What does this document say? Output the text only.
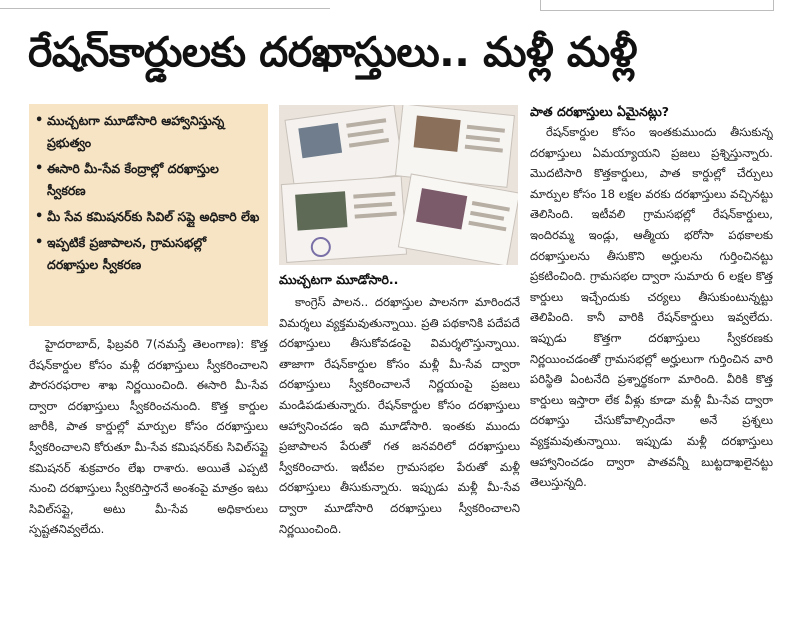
రేషన్‌కార్డులకు దరఖాస్తులు.. మళ్లీ మళ్లీ
• ముచ్చటగా మూడోసారి ఆహ్వానిస్తున్న ప్రభుత్వం
• ఈసారి మీ-సేవ కేంద్రాల్లో దరఖాస్తుల స్వీకరణ
• మీ సేవ కమిషనర్‌కు సివిల్ సప్లై అధికారి లేఖ
• ఇప్పటికే ప్రజాపాలన, గ్రామసభల్లో దరఖాస్తుల స్వీకరణ

హైదరాబాద్, ఫిబ్రవరి 7(నమస్తే తెలంగాణ): కొత్త రేషన్‌కార్డుల కోసం మళ్లీ దరఖాస్తులు స్వీకరించాలని పౌరసరఫరాల శాఖ నిర్ణయించింది. ఈసారి మీ-సేవ ద్వారా దరఖాస్తులు స్వీకరించనుంది. కొత్త కార్డుల జారీకి, పాత కార్డుల్లో మార్పుల కోసం దరఖాస్తులు స్వీకరించాలని కోరుతూ మీ-సేవ కమిషనర్‌కు సివిల్‌సప్లై కమిషనర్ శుక్రవారం లేఖ రాశారు. అయితే ఎప్పటి నుంచి దరఖాస్తులు స్వీకరిస్తారనే అంశంపై మాత్రం ఇటు సివిల్‌సప్లై, అటు మీ-సేవ అధికారులు స్పష్టతనివ్వలేదు.

ముచ్చటగా మూడోసారి..

కాంగ్రెస్ పాలన.. దరఖాస్తుల పాలనగా మారిందనే విమర్శలు వ్యక్తమవుతున్నాయి. ప్రతి పథకానికి పదేపదే దరఖాస్తులు తీసుకోవడంపై విమర్శలొస్తున్నాయి. తాజాగా రేషన్‌కార్డుల కోసం మళ్లీ మీ-సేవ ద్వారా దరఖాస్తులు స్వీకరించాలనే నిర్ణయంపై ప్రజలు మండిపడుతున్నారు. రేషన్‌కార్డుల కోసం దరఖాస్తులు ఆహ్వానించడం ఇది మూడోసారి. ఇంతకు ముందు ప్రజాపాలన పేరుతో గత జనవరిలో దరఖాస్తులు స్వీకరించారు. ఇటీవల గ్రామసభల పేరుతో మళ్లీ దరఖాస్తులు తీసుకున్నారు. ఇప్పుడు మళ్లీ మీ-సేవ ద్వారా మూడోసారి దరఖాస్తులు స్వీకరించాలని నిర్ణయించింది.

పాత దరఖాస్తులు ఏమైనట్లు?

రేషన్‌కార్డుల కోసం ఇంతకుముందు తీసుకున్న దరఖాస్తులు ఏమయ్యాయని ప్రజలు ప్రశ్నిస్తున్నారు. మొదటిసారి కొత్తకార్డులు, పాత కార్డుల్లో చేర్పులు మార్పుల కోసం 18 లక్షల వరకు దరఖాస్తులు వచ్చినట్టు తెలిసింది. ఇటీవలి గ్రామసభల్లో రేషన్‌కార్డులు, ఇందిరమ్మ ఇండ్లు, ఆత్మీయ భరోసా పథకాలకు దరఖాస్తులను తీసుకొని అర్హులను గుర్తించినట్టు ప్రకటించింది. గ్రామసభల ద్వారా సుమారు 6 లక్షల కొత్త కార్డులు ఇచ్చేందుకు చర్యలు తీసుకుంటున్నట్టు తెలిపింది. కానీ వారికి రేషన్‌కార్డులు ఇవ్వలేదు. ఇప్పుడు కొత్తగా దరఖాస్తులు స్వీకరణకు నిర్ణయించడంతో గ్రామసభల్లో అర్హులుగా గుర్తించిన వారి పరిస్థితి ఏంటనేది ప్రశ్నార్థకంగా మారింది. వీరికి కొత్త కార్డులు ఇస్తారా లేక వీళ్లు కూడా మళ్లీ మీ-సేవ ద్వారా దరఖాస్తు చేసుకోవాల్సిందేనా అనే ప్రశ్నలు వ్యక్తమవుతున్నాయి. ఇప్పుడు మళ్లీ దరఖాస్తులు ఆహ్వానించడం ద్వారా పాతవన్నీ బుట్టదాఖలైనట్టు తెలుస్తున్నది.
